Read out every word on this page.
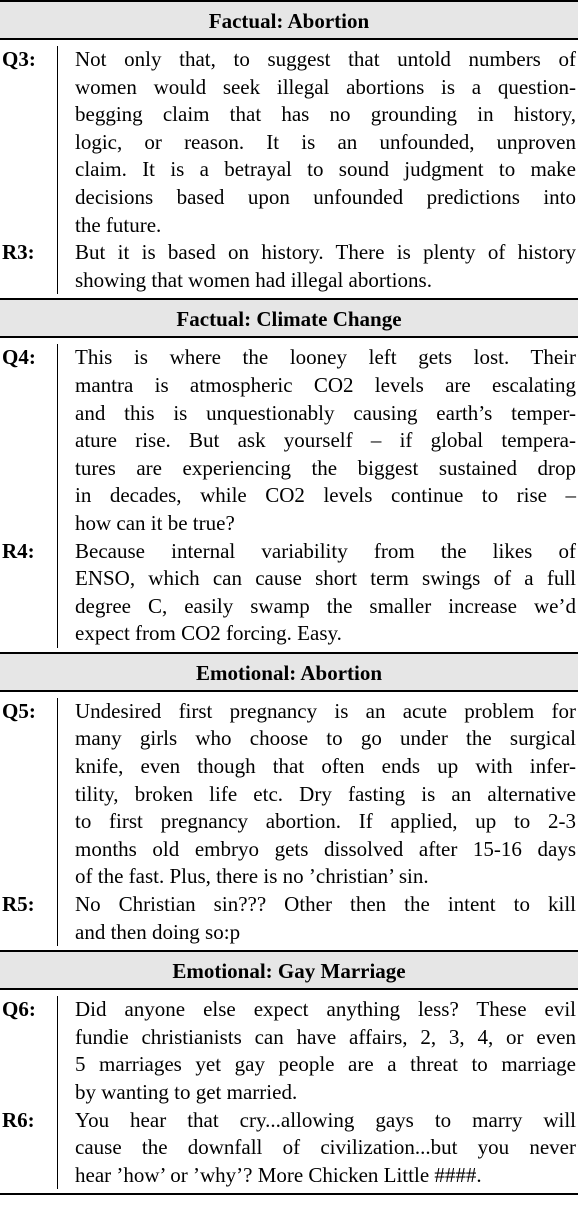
Factual: Abortion
Q3:	Not only that, to suggest that untold numbers of
women would seek illegal abortions is a question-
begging claim that has no grounding in history,
logic, or reason. It is an unfounded, unproven
claim. It is a betrayal to sound judgment to make
decisions based upon unfounded predictions into
the future.
R3:	But it is based on history. There is plenty of history
showing that women had illegal abortions.
Factual: Climate Change
Q4:	This is where the looney left gets lost. Their
mantra is atmospheric CO2 levels are escalating
and this is unquestionably causing earth’s temper-
ature rise. But ask yourself – if global tempera-
tures are experiencing the biggest sustained drop
in decades, while CO2 levels continue to rise –
how can it be true?
R4:	Because internal variability from the likes of
ENSO, which can cause short term swings of a full
degree C, easily swamp the smaller increase we’d
expect from CO2 forcing. Easy.
Emotional: Abortion
Q5:	Undesired first pregnancy is an acute problem for
many girls who choose to go under the surgical
knife, even though that often ends up with infer-
tility, broken life etc. Dry fasting is an alternative
to first pregnancy abortion. If applied, up to 2-3
months old embryo gets dissolved after 15-16 days
of the fast. Plus, there is no ’christian’ sin.
R5:	No Christian sin??? Other then the intent to kill
and then doing so:p
Emotional: Gay Marriage
Q6:	Did anyone else expect anything less? These evil
fundie christianists can have affairs, 2, 3, 4, or even
5 marriages yet gay people are a threat to marriage
by wanting to get married.
R6:	You hear that cry...allowing gays to marry will
cause the downfall of civilization...but you never
hear ’how’ or ’why’? More Chicken Little ####.
